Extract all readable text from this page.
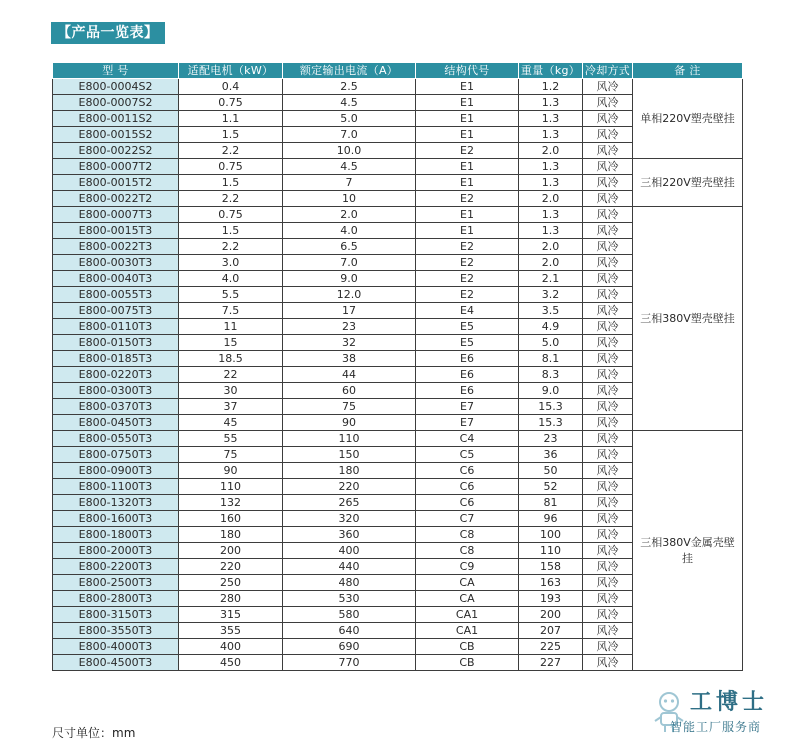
【产品一览表】
型 号	适配电机（kW）	额定输出电流（A）	结构代号	重量（kg）	冷却方式	备 注
E800-0004S2	0.4	2.5	E1	1.2	风冷	单相220V塑壳壁挂
E800-0007S2	0.75	4.5	E1	1.3	风冷	
E800-0011S2	1.1	5.0	E1	1.3	风冷	
E800-0015S2	1.5	7.0	E1	1.3	风冷	
E800-0022S2	2.2	10.0	E2	2.0	风冷	
E800-0007T2	0.75	4.5	E1	1.3	风冷	三相220V塑壳壁挂
E800-0015T2	1.5	7	E1	1.3	风冷	
E800-0022T2	2.2	10	E2	2.0	风冷	
E800-0007T3	0.75	2.0	E1	1.3	风冷	三相380V塑壳壁挂
E800-0015T3	1.5	4.0	E1	1.3	风冷	
E800-0022T3	2.2	6.5	E2	2.0	风冷	
E800-0030T3	3.0	7.0	E2	2.0	风冷	
E800-0040T3	4.0	9.0	E2	2.1	风冷	
E800-0055T3	5.5	12.0	E2	3.2	风冷	
E800-0075T3	7.5	17	E4	3.5	风冷	
E800-0110T3	11	23	E5	4.9	风冷	
E800-0150T3	15	32	E5	5.0	风冷	
E800-0185T3	18.5	38	E6	8.1	风冷	
E800-0220T3	22	44	E6	8.3	风冷	
E800-0300T3	30	60	E6	9.0	风冷	
E800-0370T3	37	75	E7	15.3	风冷	
E800-0450T3	45	90	E7	15.3	风冷	
E800-0550T3	55	110	C4	23	风冷	三相380V金属壳壁挂
E800-0750T3	75	150	C5	36	风冷	
E800-0900T3	90	180	C6	50	风冷	
E800-1100T3	110	220	C6	52	风冷	
E800-1320T3	132	265	C6	81	风冷	
E800-1600T3	160	320	C7	96	风冷	
E800-1800T3	180	360	C8	100	风冷	
E800-2000T3	200	400	C8	110	风冷	
E800-2200T3	220	440	C9	158	风冷	
E800-2500T3	250	480	CA	163	风冷	
E800-2800T3	280	530	CA	193	风冷	
E800-3150T3	315	580	CA1	200	风冷	
E800-3550T3	355	640	CA1	207	风冷	
E800-4000T3	400	690	CB	225	风冷	
E800-4500T3	450	770	CB	227	风冷	
尺寸单位：mm
工博士
智能工厂服务商
